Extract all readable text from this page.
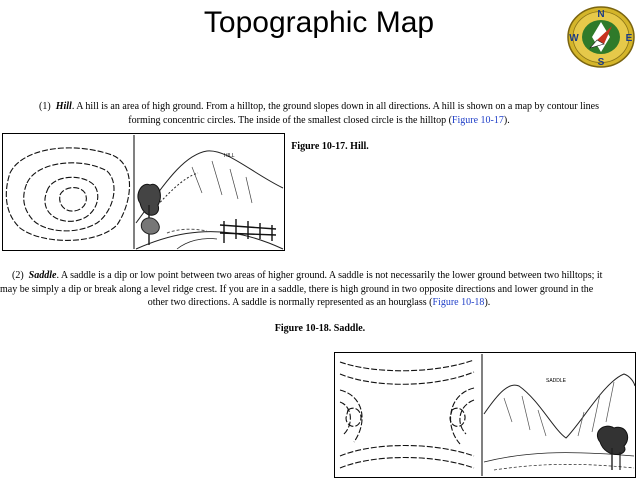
Topographic Map	N
S
E
W
(1) Hill. A hill is an area of high ground. From a hilltop, the ground slopes down in all directions. A hill is shown on a map by contour lines
forming concentric circles. The inside of the smallest closed circle is the hilltop (Figure 10-17).
Figure 10-17. Hill.
HILL
(2) Saddle. A saddle is a dip or low point between two areas of higher ground. A saddle is not necessarily the lower ground between two hilltops; it
may be simply a dip or break along a level ridge crest. If you are in a saddle, there is high ground in two opposite directions and lower ground in the
other two directions. A saddle is normally represented as an hourglass (Figure 10-18).
Figure 10-18. Saddle.
SADDLE
